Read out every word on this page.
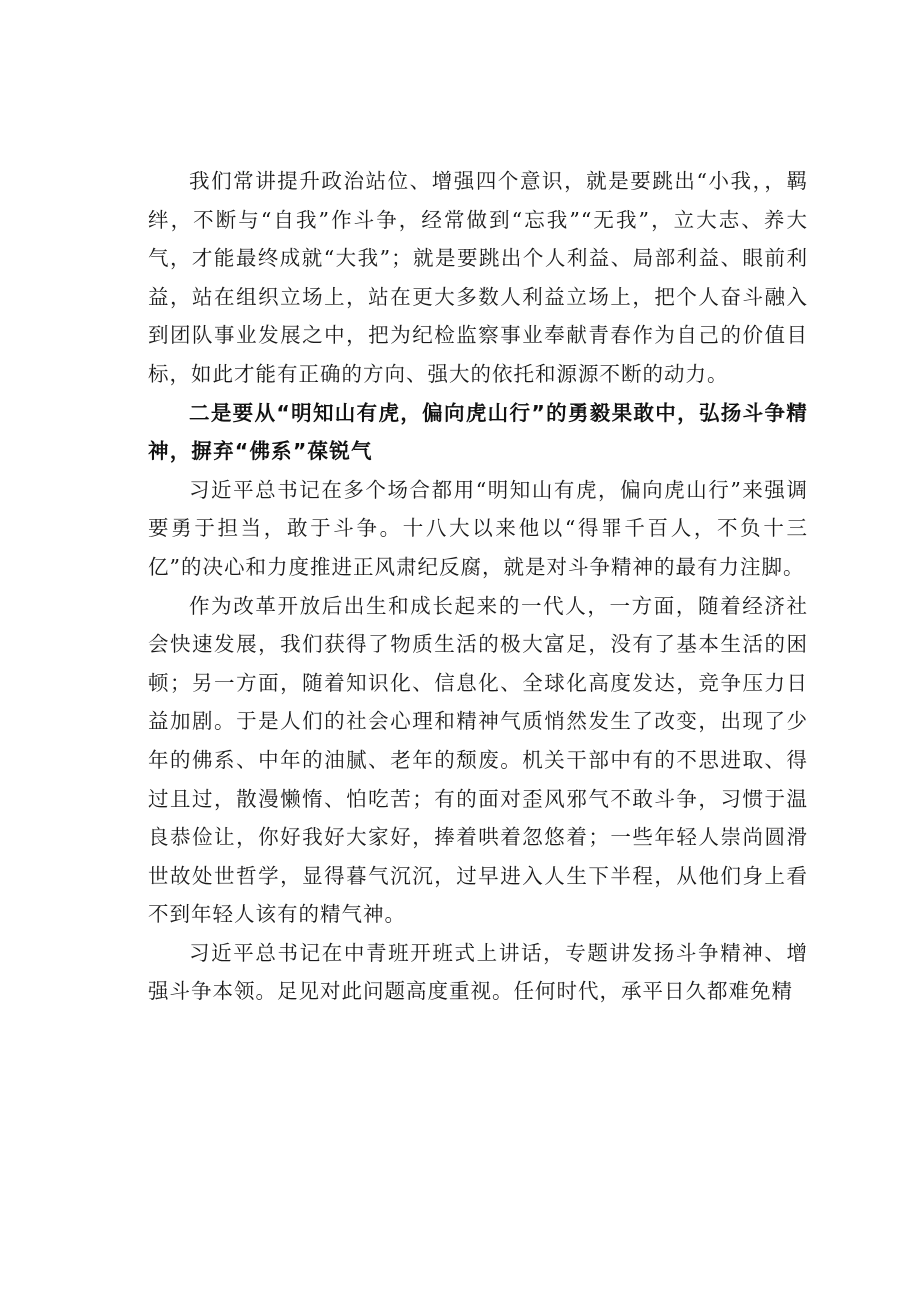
我们常讲提升政治站位、增强四个意识，就是要跳出“小我，，羁绊，不断与“自我”作斗争，经常做到“忘我”“无我”，立大志、养大气，才能最终成就“大我”；就是要跳出个人利益、局部利益、眼前利益，站在组织立场上，站在更大多数人利益立场上，把个人奋斗融入到团队事业发展之中，把为纪检监察事业奉献青春作为自己的价值目标，如此才能有正确的方向、强大的依托和源源不断的动力。

二是要从“明知山有虎，偏向虎山行”的勇毅果敢中，弘扬斗争精神，摒弃“佛系”葆锐气

习近平总书记在多个场合都用“明知山有虎，偏向虎山行”来强调要勇于担当，敢于斗争。十八大以来他以“得罪千百人，不负十三亿”的决心和力度推进正风肃纪反腐，就是对斗争精神的最有力注脚。

作为改革开放后出生和成长起来的一代人，一方面，随着经济社会快速发展，我们获得了物质生活的极大富足，没有了基本生活的困顿；另一方面，随着知识化、信息化、全球化高度发达，竞争压力日益加剧。于是人们的社会心理和精神气质悄然发生了改变，出现了少年的佛系、中年的油腻、老年的颓废。机关干部中有的不思进取、得过且过，散漫懒惰、怕吃苦；有的面对歪风邪气不敢斗争，习惯于温良恭俭让，你好我好大家好，捧着哄着忽悠着；一些年轻人崇尚圆滑世故处世哲学，显得暮气沉沉，过早进入人生下半程，从他们身上看不到年轻人该有的精气神。

习近平总书记在中青班开班式上讲话，专题讲发扬斗争精神、增强斗争本领。足见对此问题高度重视。任何时代，承平日久都难免精
